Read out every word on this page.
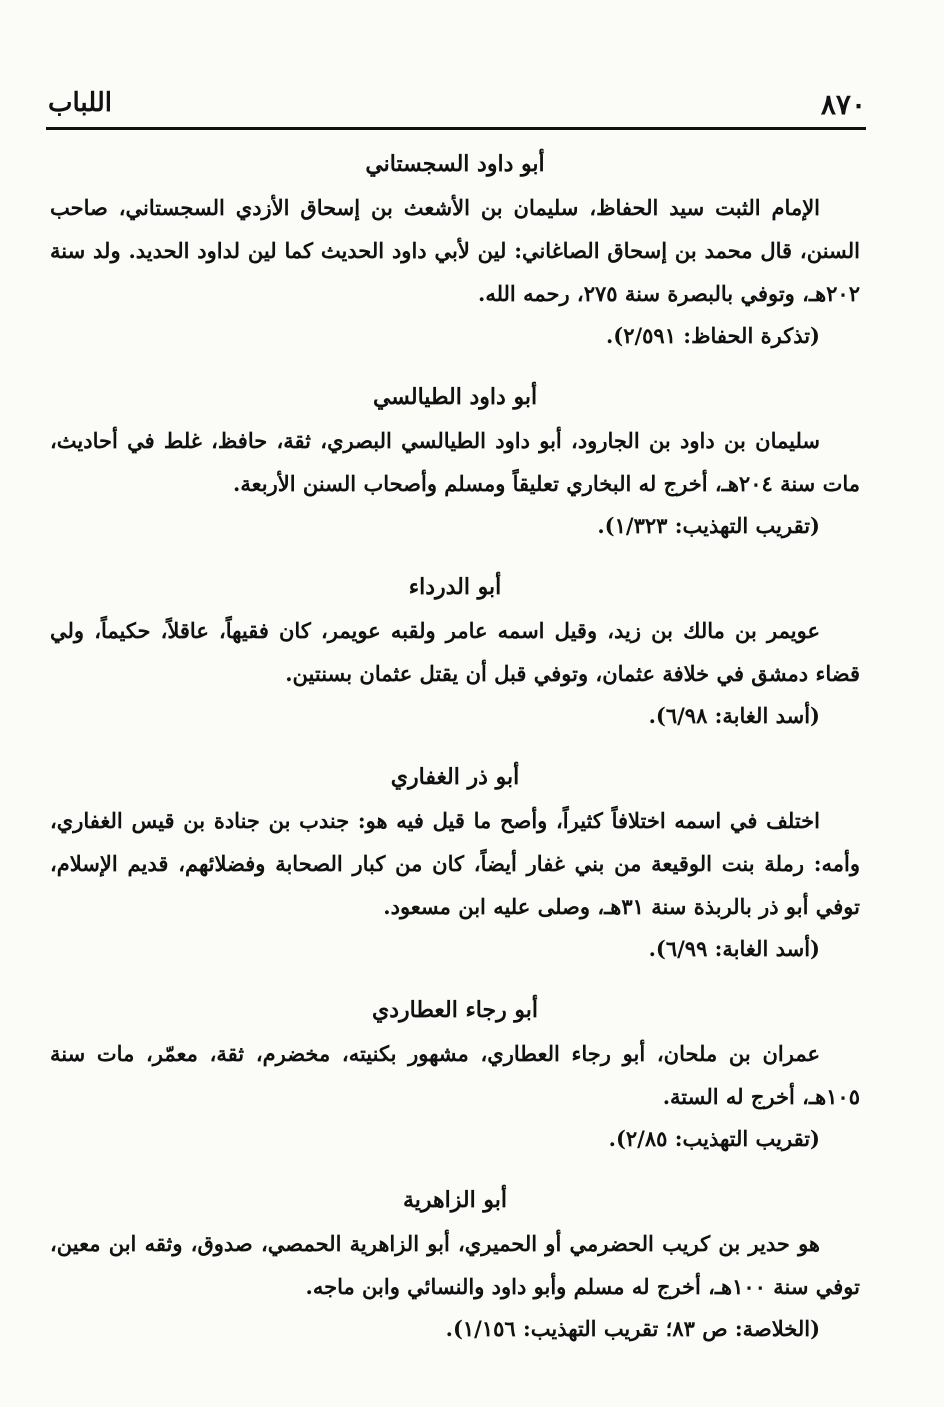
٨٧٠
اللباب
أبو داود السجستاني

الإمام الثبت سيد الحفاظ، سليمان بن الأشعث بن إسحاق الأزدي السجستاني، صاحب السنن، قال محمد بن إسحاق الصاغاني: لين لأبي داود الحديث كما لين لداود الحديد. ولد سنة ٢٠٢هـ، وتوفي بالبصرة سنة ٢٧٥، رحمه الله.

(تذكرة الحفاظ: ٢/٥٩١).

أبو داود الطيالسي

سليمان بن داود بن الجارود، أبو داود الطيالسي البصري، ثقة، حافظ، غلط في أحاديث، مات سنة ٢٠٤هـ، أخرج له البخاري تعليقاً ومسلم وأصحاب السنن الأربعة.

(تقريب التهذيب: ١/٣٢٣).

أبو الدرداء

عويمر بن مالك بن زيد، وقيل اسمه عامر ولقبه عويمر، كان فقيهاً، عاقلاً، حكيماً، ولي قضاء دمشق في خلافة عثمان، وتوفي قبل أن يقتل عثمان بسنتين.

(أسد الغابة: ٦/٩٨).

أبو ذر الغفاري

اختلف في اسمه اختلافاً كثيراً، وأصح ما قيل فيه هو: جندب بن جنادة بن قيس الغفاري، وأمه: رملة بنت الوقيعة من بني غفار أيضاً، كان من كبار الصحابة وفضلائهم، قديم الإسلام، توفي أبو ذر بالربذة سنة ٣١هـ، وصلى عليه ابن مسعود.

(أسد الغابة: ٦/٩٩).

أبو رجاء العطاردي

عمران بن ملحان، أبو رجاء العطاري، مشهور بكنيته، مخضرم، ثقة، معمّر، مات سنة ١٠٥هـ، أخرج له الستة.

(تقريب التهذيب: ٢/٨٥).

أبو الزاهرية

هو حدير بن كريب الحضرمي أو الحميري، أبو الزاهرية الحمصي، صدوق، وثقه ابن معين، توفي سنة ١٠٠هـ، أخرج له مسلم وأبو داود والنسائي وابن ماجه.

(الخلاصة: ص ٨٣؛ تقريب التهذيب: ١/١٥٦).
